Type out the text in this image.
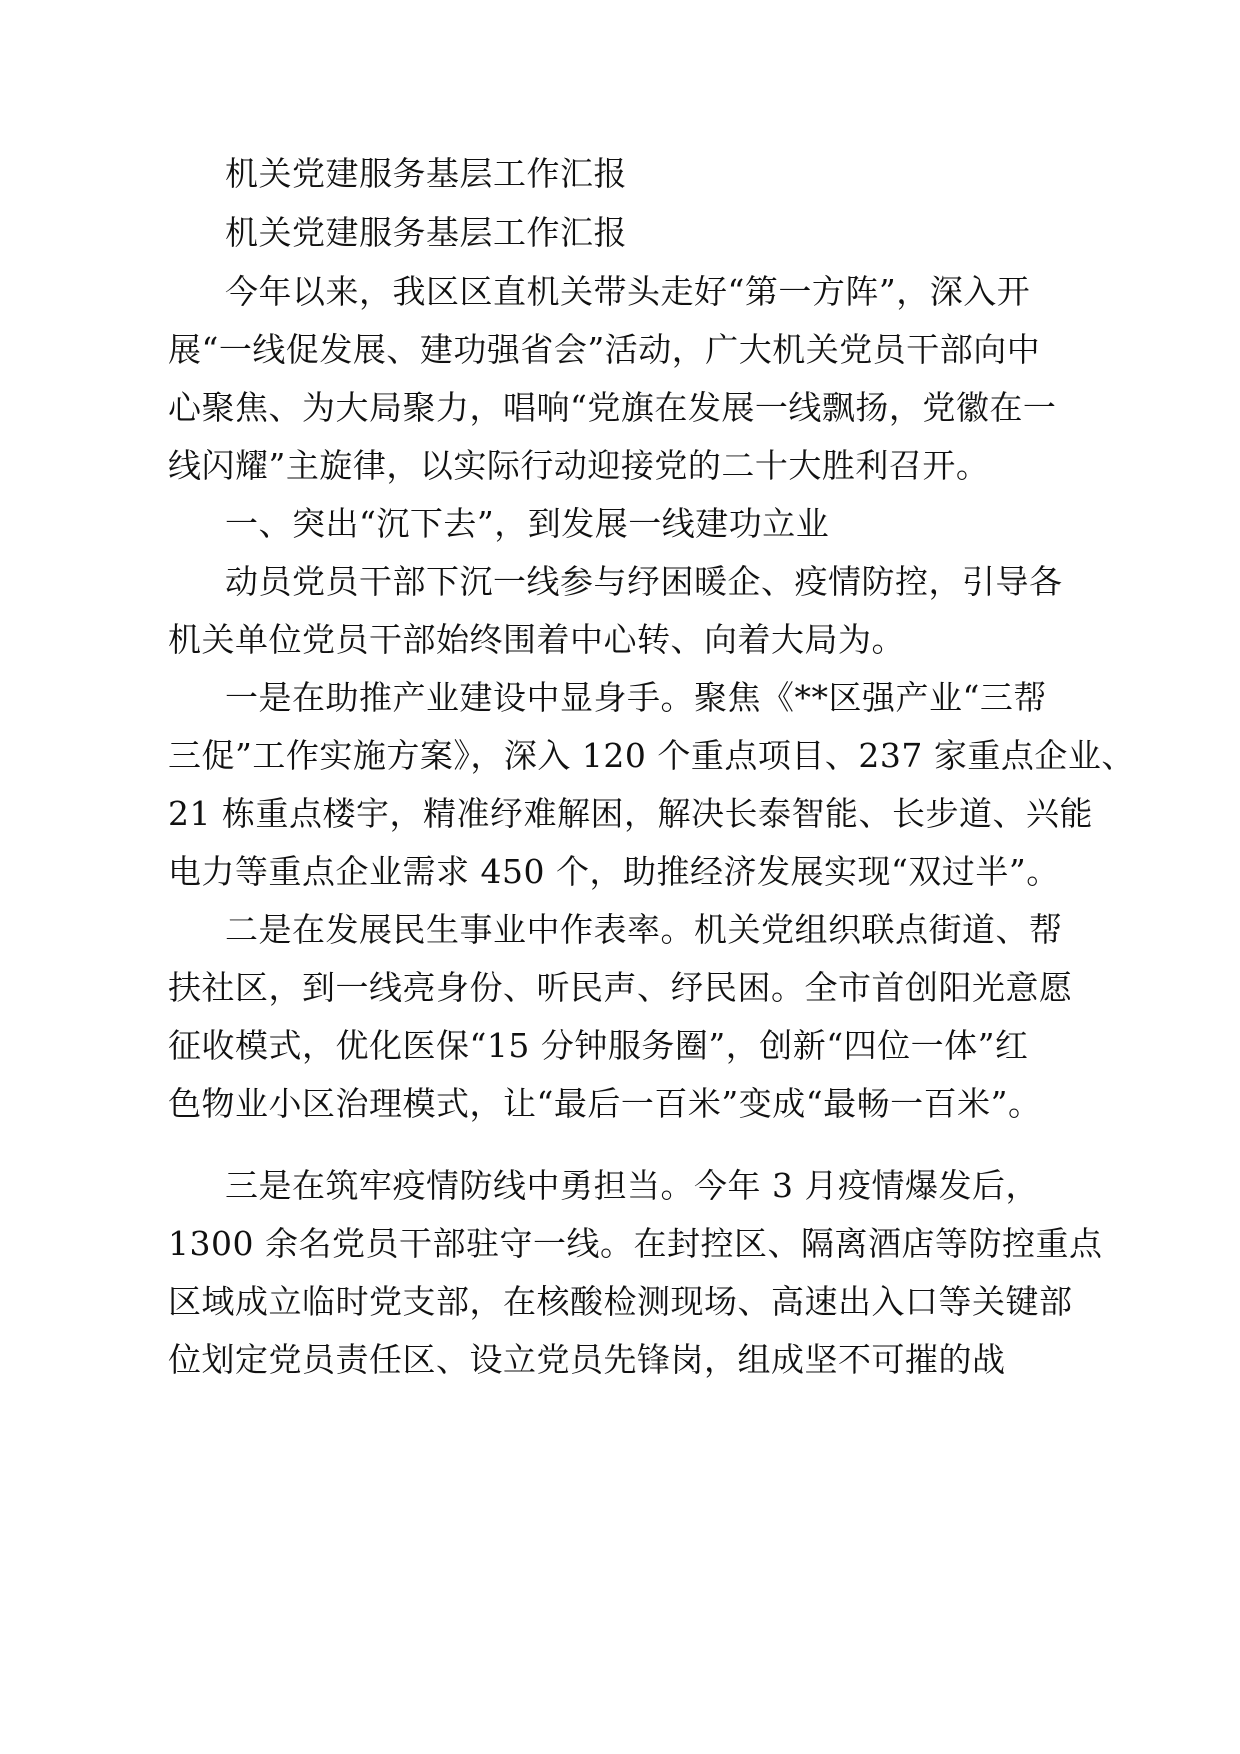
机关党建服务基层工作汇报
机关党建服务基层工作汇报
今年以来，我区区直机关带头走好“第一方阵”，深入开
展“一线促发展、建功强省会”活动，广大机关党员干部向中
心聚焦、为大局聚力，唱响“党旗在发展一线飘扬，党徽在一
线闪耀”主旋律，以实际行动迎接党的二十大胜利召开。
一、突出“沉下去”，到发展一线建功立业
动员党员干部下沉一线参与纾困暖企、疫情防控，引导各
机关单位党员干部始终围着中心转、向着大局为。
一是在助推产业建设中显身手。聚焦《**区强产业“三帮
三促”工作实施方案》，深入 120 个重点项目、237 家重点企业、
21 栋重点楼宇，精准纾难解困，解决长泰智能、长步道、兴能
电力等重点企业需求 450 个，助推经济发展实现“双过半”。
二是在发展民生事业中作表率。机关党组织联点街道、帮
扶社区，到一线亮身份、听民声、纾民困。全市首创阳光意愿
征收模式，优化医保“15 分钟服务圈”，创新“四位一体”红
色物业小区治理模式，让“最后一百米”变成“最畅一百米”。
三是在筑牢疫情防线中勇担当。今年 3 月疫情爆发后，
1300 余名党员干部驻守一线。在封控区、隔离酒店等防控重点
区域成立临时党支部，在核酸检测现场、高速出入口等关键部
位划定党员责任区、设立党员先锋岗，组成坚不可摧的战
